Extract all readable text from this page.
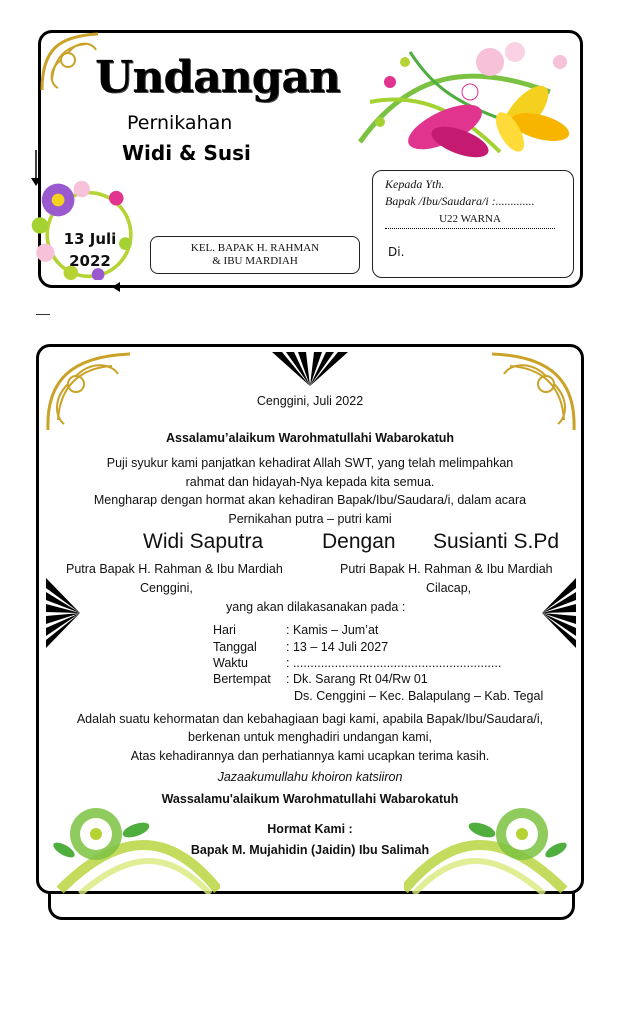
Undangan
Pernikahan
Widi & Susi
13 Juli
2022
KEL. BAPAK H. RAHMAN
& IBU MARDIAH
Kepada Yth.
Bapak /Ibu/Saudara/i :.............
U22 WARNA
Di.
Cenggini, Juli 2022
Assalamu’alaikum Warohmatullahi Wabarokatuh
Puji syukur kami panjatkan kehadirat Allah SWT, yang telah melimpahkan
rahmat dan hidayah-Nya kepada kita semua.
Mengharap dengan hormat akan kehadiran Bapak/Ibu/Saudara/i, dalam acara
Pernikahan putra – putri kami
Widi Saputra	Dengan Susianti S.Pd
Putra Bapak H. Rahman & Ibu Mardiah
Cenggini,
Putri Bapak H. Rahman & Ibu Mardiah
Cilacap,
yang akan dilakasanakan pada :
Hari	: Kamis – Jum’at
Tanggal : 13 – 14 Juli 2027
Waktu	: ............................................................
Bertempat : Dk. Sarang Rt 04/Rw 01
Ds. Cenggini – Kec. Balapulang – Kab. Tegal
Adalah suatu kehormatan dan kebahagiaan bagi kami, apabila Bapak/Ibu/Saudara/i,
berkenan untuk menghadiri undangan kami,
Atas kehadirannya dan perhatiannya kami ucapkan terima kasih.
Jazaakumullahu khoiron katsiiron
Wassalamu'alaikum Warohmatullahi Wabarokatuh
Hormat Kami :
Bapak M. Mujahidin (Jaidin) Ibu Salimah
